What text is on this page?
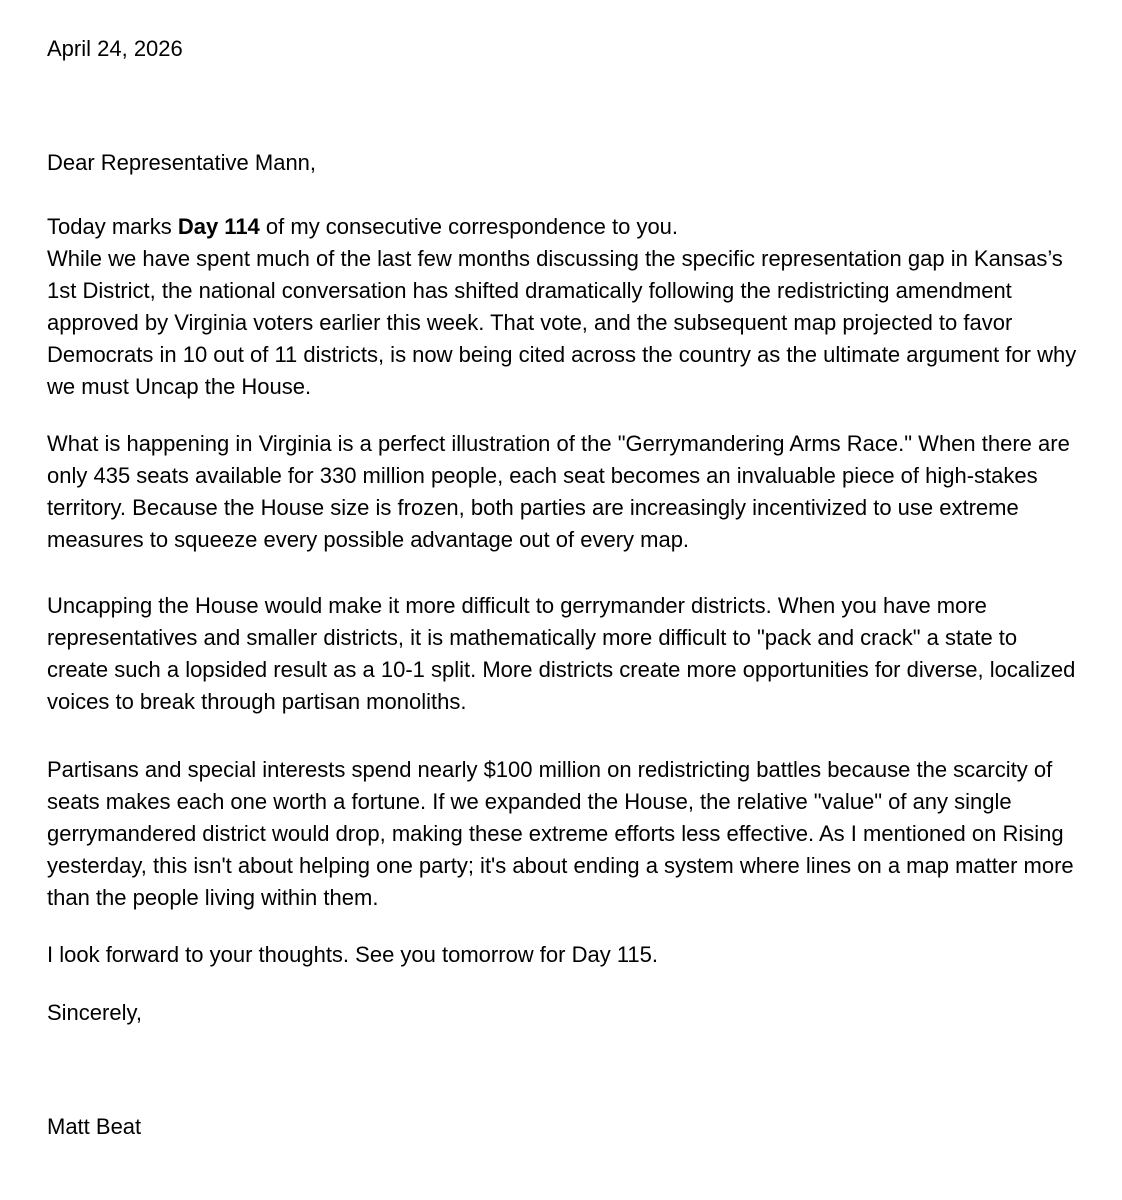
April 24, 2026

Dear Representative Mann,

Today marks Day 114 of my consecutive correspondence to you.

While we have spent much of the last few months discussing the specific representation gap in Kansas’s 1st District, the national conversation has shifted dramatically following the redistricting amendment approved by Virginia voters earlier this week. That vote, and the subsequent map projected to favor Democrats in 10 out of 11 districts, is now being cited across the country as the ultimate argument for why we must Uncap the House.

What is happening in Virginia is a perfect illustration of the "Gerrymandering Arms Race." When there are only 435 seats available for 330 million people, each seat becomes an invaluable piece of high-stakes territory. Because the House size is frozen, both parties are increasingly incentivized to use extreme measures to squeeze every possible advantage out of every map.

Uncapping the House would make it more difficult to gerrymander districts. When you have more representatives and smaller districts, it is mathematically more difficult to "pack and crack" a state to create such a lopsided result as a 10-1 split. More districts create more opportunities for diverse, localized voices to break through partisan monoliths.

Partisans and special interests spend nearly $100 million on redistricting battles because the scarcity of seats makes each one worth a fortune. If we expanded the House, the relative "value" of any single gerrymandered district would drop, making these extreme efforts less effective. As I mentioned on Rising yesterday, this isn't about helping one party; it's about ending a system where lines on a map matter more than the people living within them.

I look forward to your thoughts. See you tomorrow for Day 115.

Sincerely,

Matt Beat
